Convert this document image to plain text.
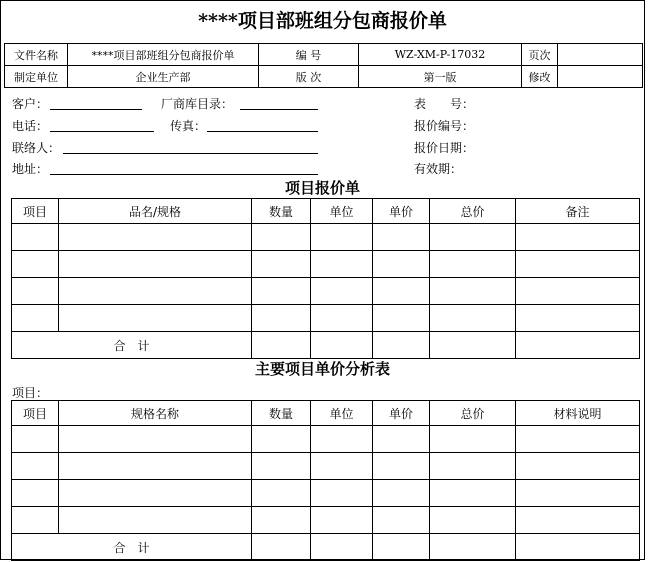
****项目部班组分包商报价单
文件名称	****项目部班组分包商报价单	编 号	WZ-XM-P-17032	页次	
制定单位	企业生产部	版 次	第一版	修改	
客户：	厂商库目录：	表　　号：
电话：	传真：	报价编号：
联络人：	报价日期：
地址：	有效期：
项目报价单
项目	品名/规格	数量	单位	单价	总价	备注

合　计						
主要项目单价分析表
项目：
项目	规格名称	数量	单位	单价	总价	材料说明

合　计						
